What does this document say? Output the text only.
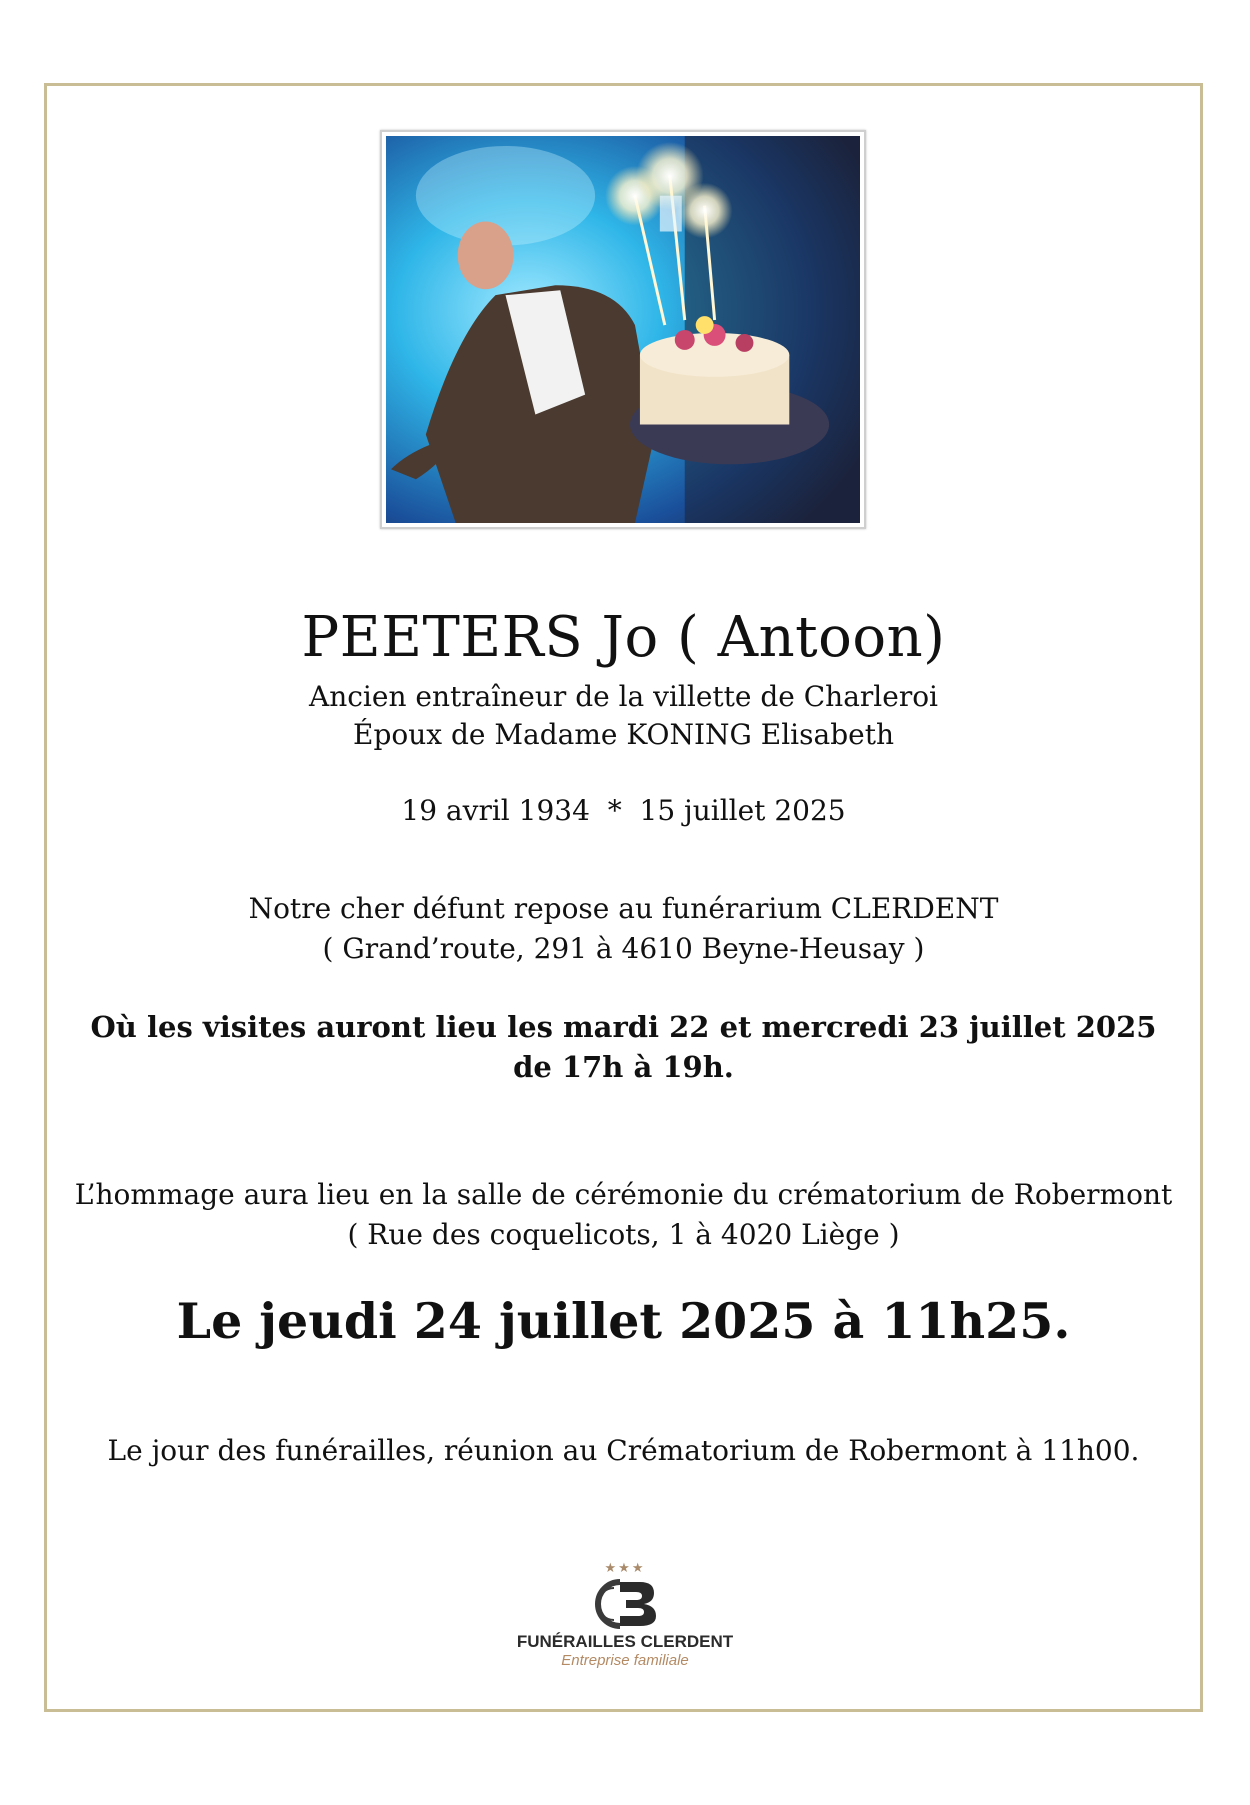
PEETERS Jo ( Antoon)
Ancien entraîneur de la villette de Charleroi
Époux de Madame KONING Elisabeth
19 avril 1934  *  15 juillet 2025
Notre cher défunt repose au funérarium CLERDENT
( Grand’route, 291 à 4610 Beyne-Heusay )
Où les visites auront lieu les mardi 22 et mercredi 23 juillet 2025
de 17h à 19h.
L’hommage aura lieu en la salle de cérémonie du crématorium de Robermont
( Rue des coquelicots, 1 à 4020 Liège )
Le jeudi 24 juillet 2025 à 11h25.
Le jour des funérailles, réunion au Crématorium de Robermont à 11h00.
★★★
FUNÉRAILLES CLERDENT
Entreprise familiale
